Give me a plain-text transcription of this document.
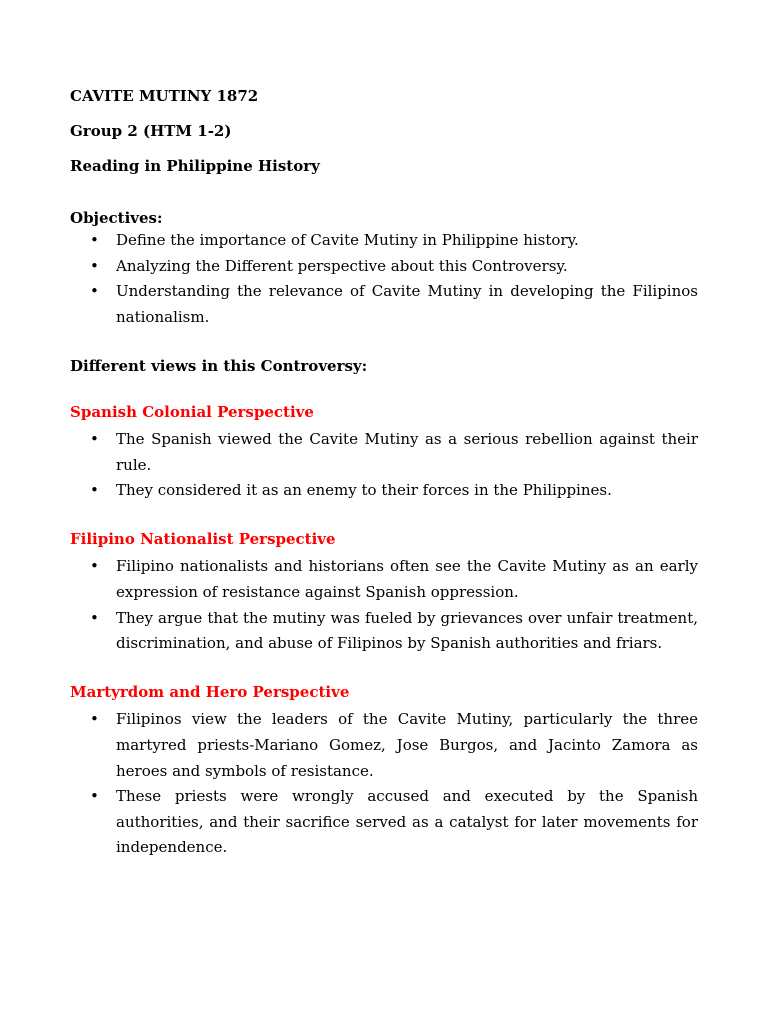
CAVITE MUTINY 1872
Group 2 (HTM 1-2)
Reading in Philippine History
Objectives:
•	Define the importance of Cavite Mutiny in Philippine history.
•	Analyzing the Different perspective about this Controversy.
•	Understanding the relevance of Cavite Mutiny in developing the Filipinos nationalism.
Different views in this Controversy:
Spanish Colonial Perspective
•	The Spanish viewed the Cavite Mutiny as a serious rebellion against their rule.
•	They considered it as an enemy to their forces in the Philippines.
Filipino Nationalist Perspective
•	Filipino nationalists and historians often see the Cavite Mutiny as an early expression of resistance against Spanish oppression.
•	They argue that the mutiny was fueled by grievances over unfair treatment, discrimination, and abuse of Filipinos by Spanish authorities and friars.
Martyrdom and Hero Perspective
•	Filipinos view the leaders of the Cavite Mutiny, particularly the three martyred priests-Mariano Gomez, Jose Burgos, and Jacinto Zamora as heroes and symbols of resistance.
•	These priests were wrongly accused and executed by the Spanish authorities, and their sacrifice served as a catalyst for later movements for independence.
